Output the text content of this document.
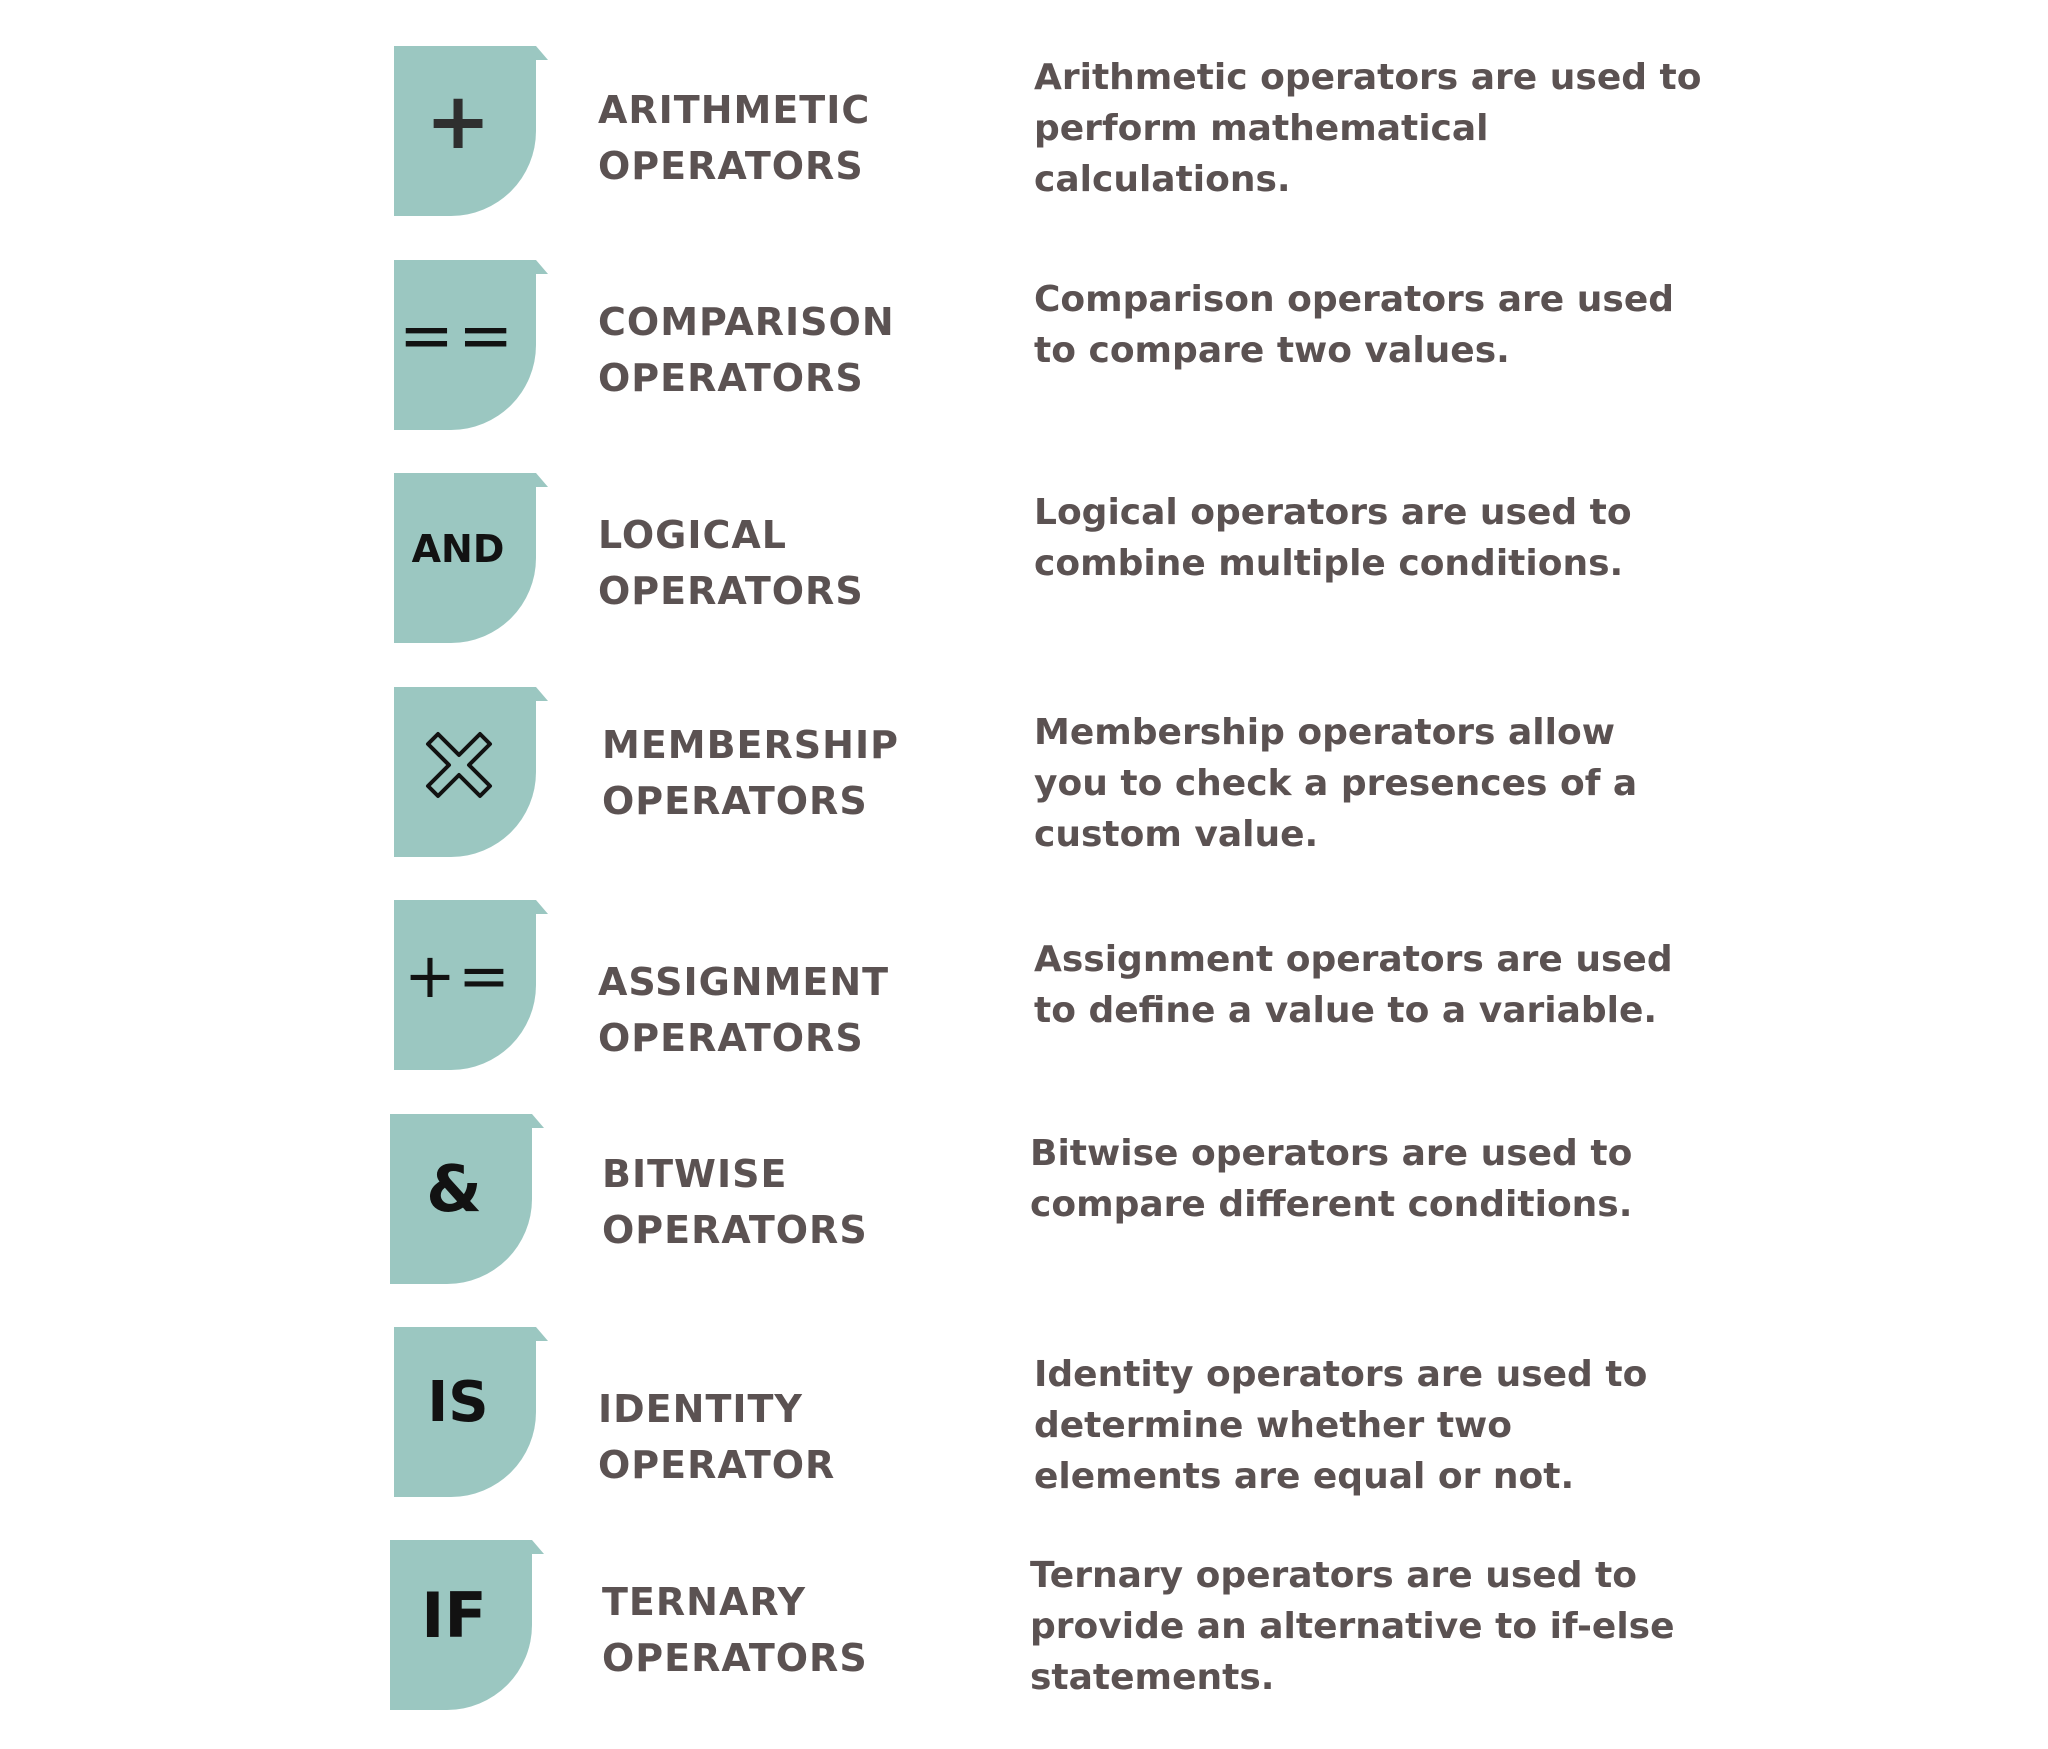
+	ARITHMETIC
OPERATORS

Arithmetic operators are used to perform mathematical calculations.

== COMPARISON
OPERATORS

Comparison operators are used to compare two values.

AND LOGICAL
OPERATORS

Logical operators are used to combine multiple conditions.

MEMBERSHIP
OPERATORS

Membership operators allow you to check a presences of a custom value.

+= ASSIGNMENT
OPERATORS

Assignment operators are used to define a value to a variable.

&	BITWISE
OPERATORS

Bitwise operators are used to compare different conditions.

IS	IDENTITY
OPERATOR

Identity operators are used to determine whether two elements are equal or not.

IF	TERNARY
OPERATORS

Ternary operators are used to provide an alternative to if-else statements.
